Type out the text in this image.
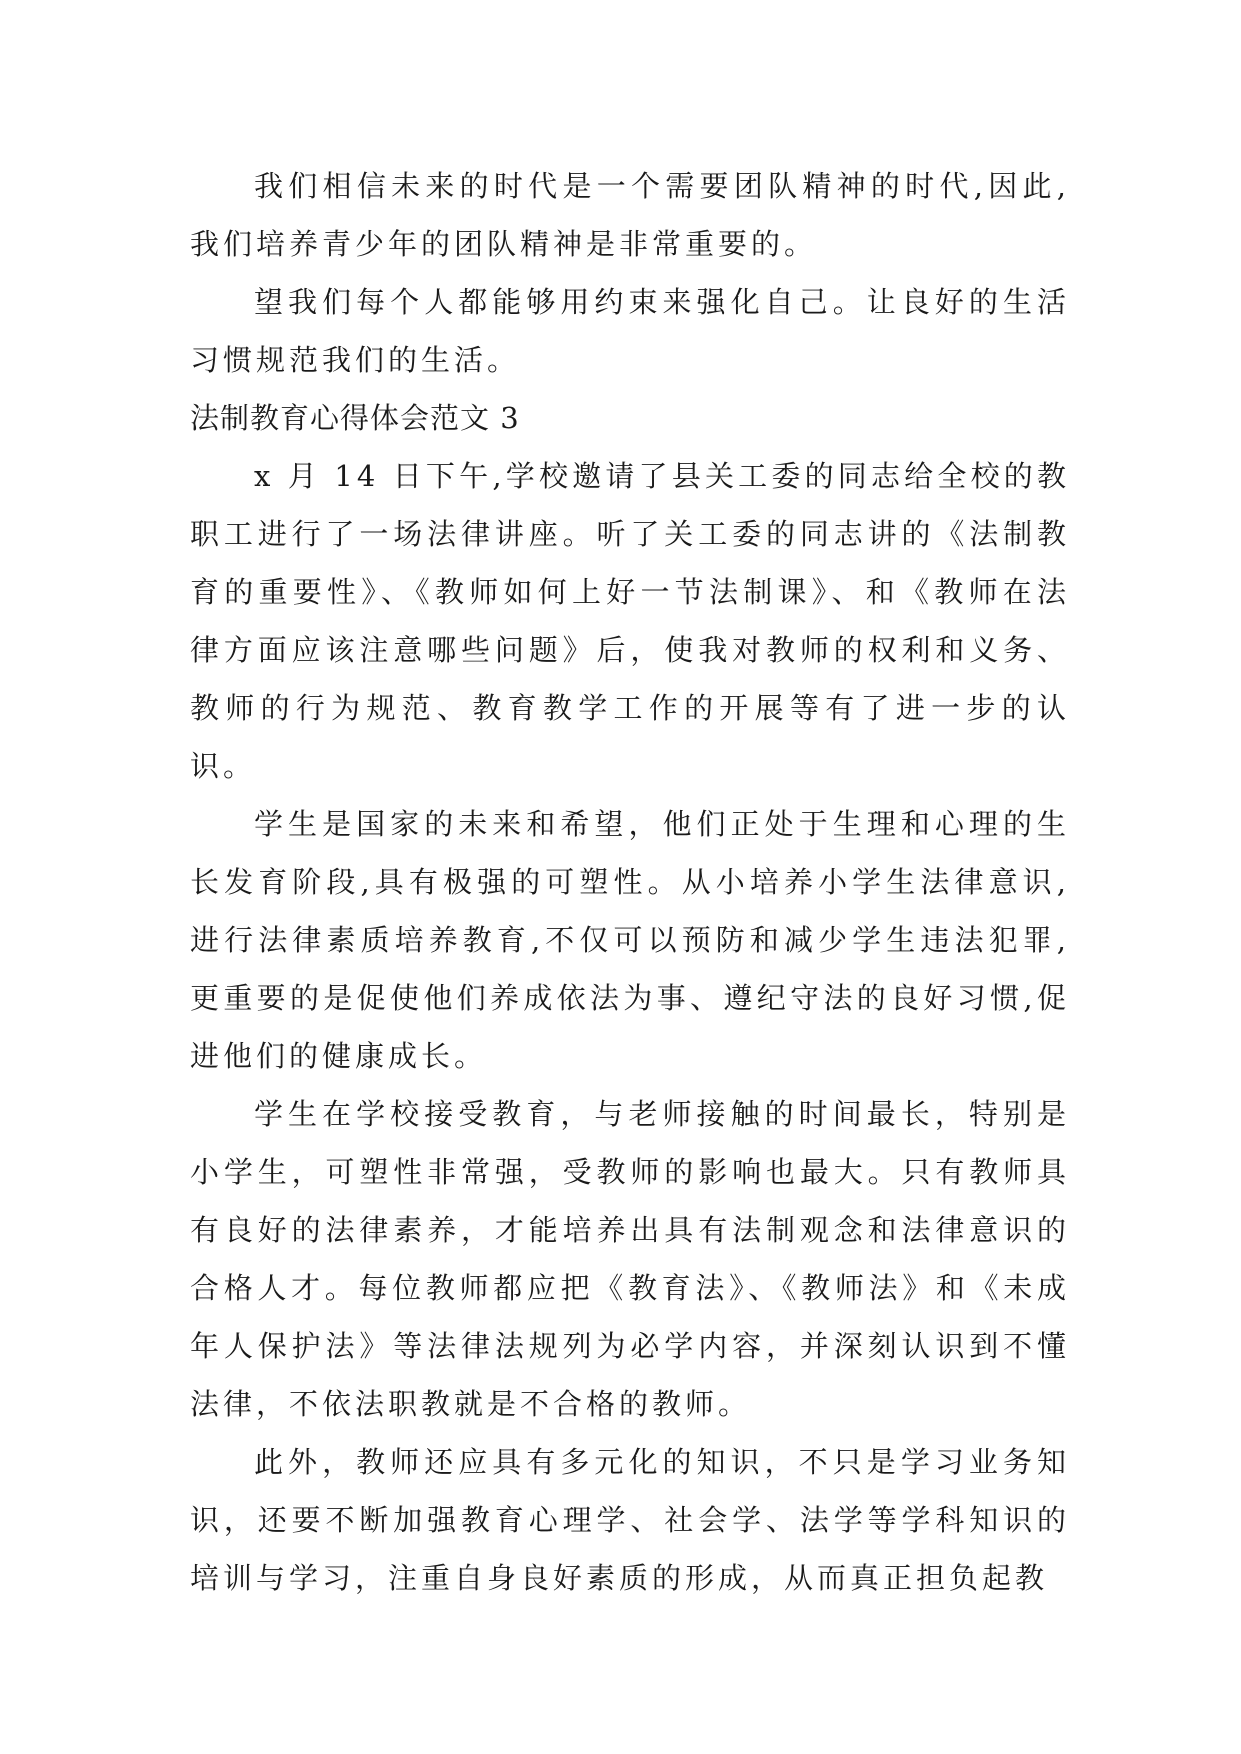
我们相信未来的时代是一个需要团队精神的时代,因此,我们培养青少年的团队精神是非常重要的。

望我们每个人都能够用约束来强化自己。让良好的生活习惯规范我们的生活。

法制教育心得体会范文 3

x 月 14 日下午,学校邀请了县关工委的同志给全校的教职工进行了一场法律讲座。听了关工委的同志讲的《法制教育的重要性》、《教师如何上好一节法制课》、和《教师在法律方面应该注意哪些问题》后，使我对教师的权利和义务、教师的行为规范、教育教学工作的开展等有了进一步的认识。

学生是国家的未来和希望，他们正处于生理和心理的生长发育阶段,具有极强的可塑性。从小培养小学生法律意识,进行法律素质培养教育,不仅可以预防和减少学生违法犯罪,更重要的是促使他们养成依法为事、遵纪守法的良好习惯,促进他们的健康成长。

学生在学校接受教育，与老师接触的时间最长，特别是小学生，可塑性非常强，受教师的影响也最大。只有教师具有良好的法律素养，才能培养出具有法制观念和法律意识的合格人才。每位教师都应把《教育法》、《教师法》和《未成年人保护法》等法律法规列为必学内容，并深刻认识到不懂法律，不依法职教就是不合格的教师。

此外，教师还应具有多元化的知识，不只是学习业务知识，还要不断加强教育心理学、社会学、法学等学科知识的培训与学习，注重自身良好素质的形成，从而真正担负起教
